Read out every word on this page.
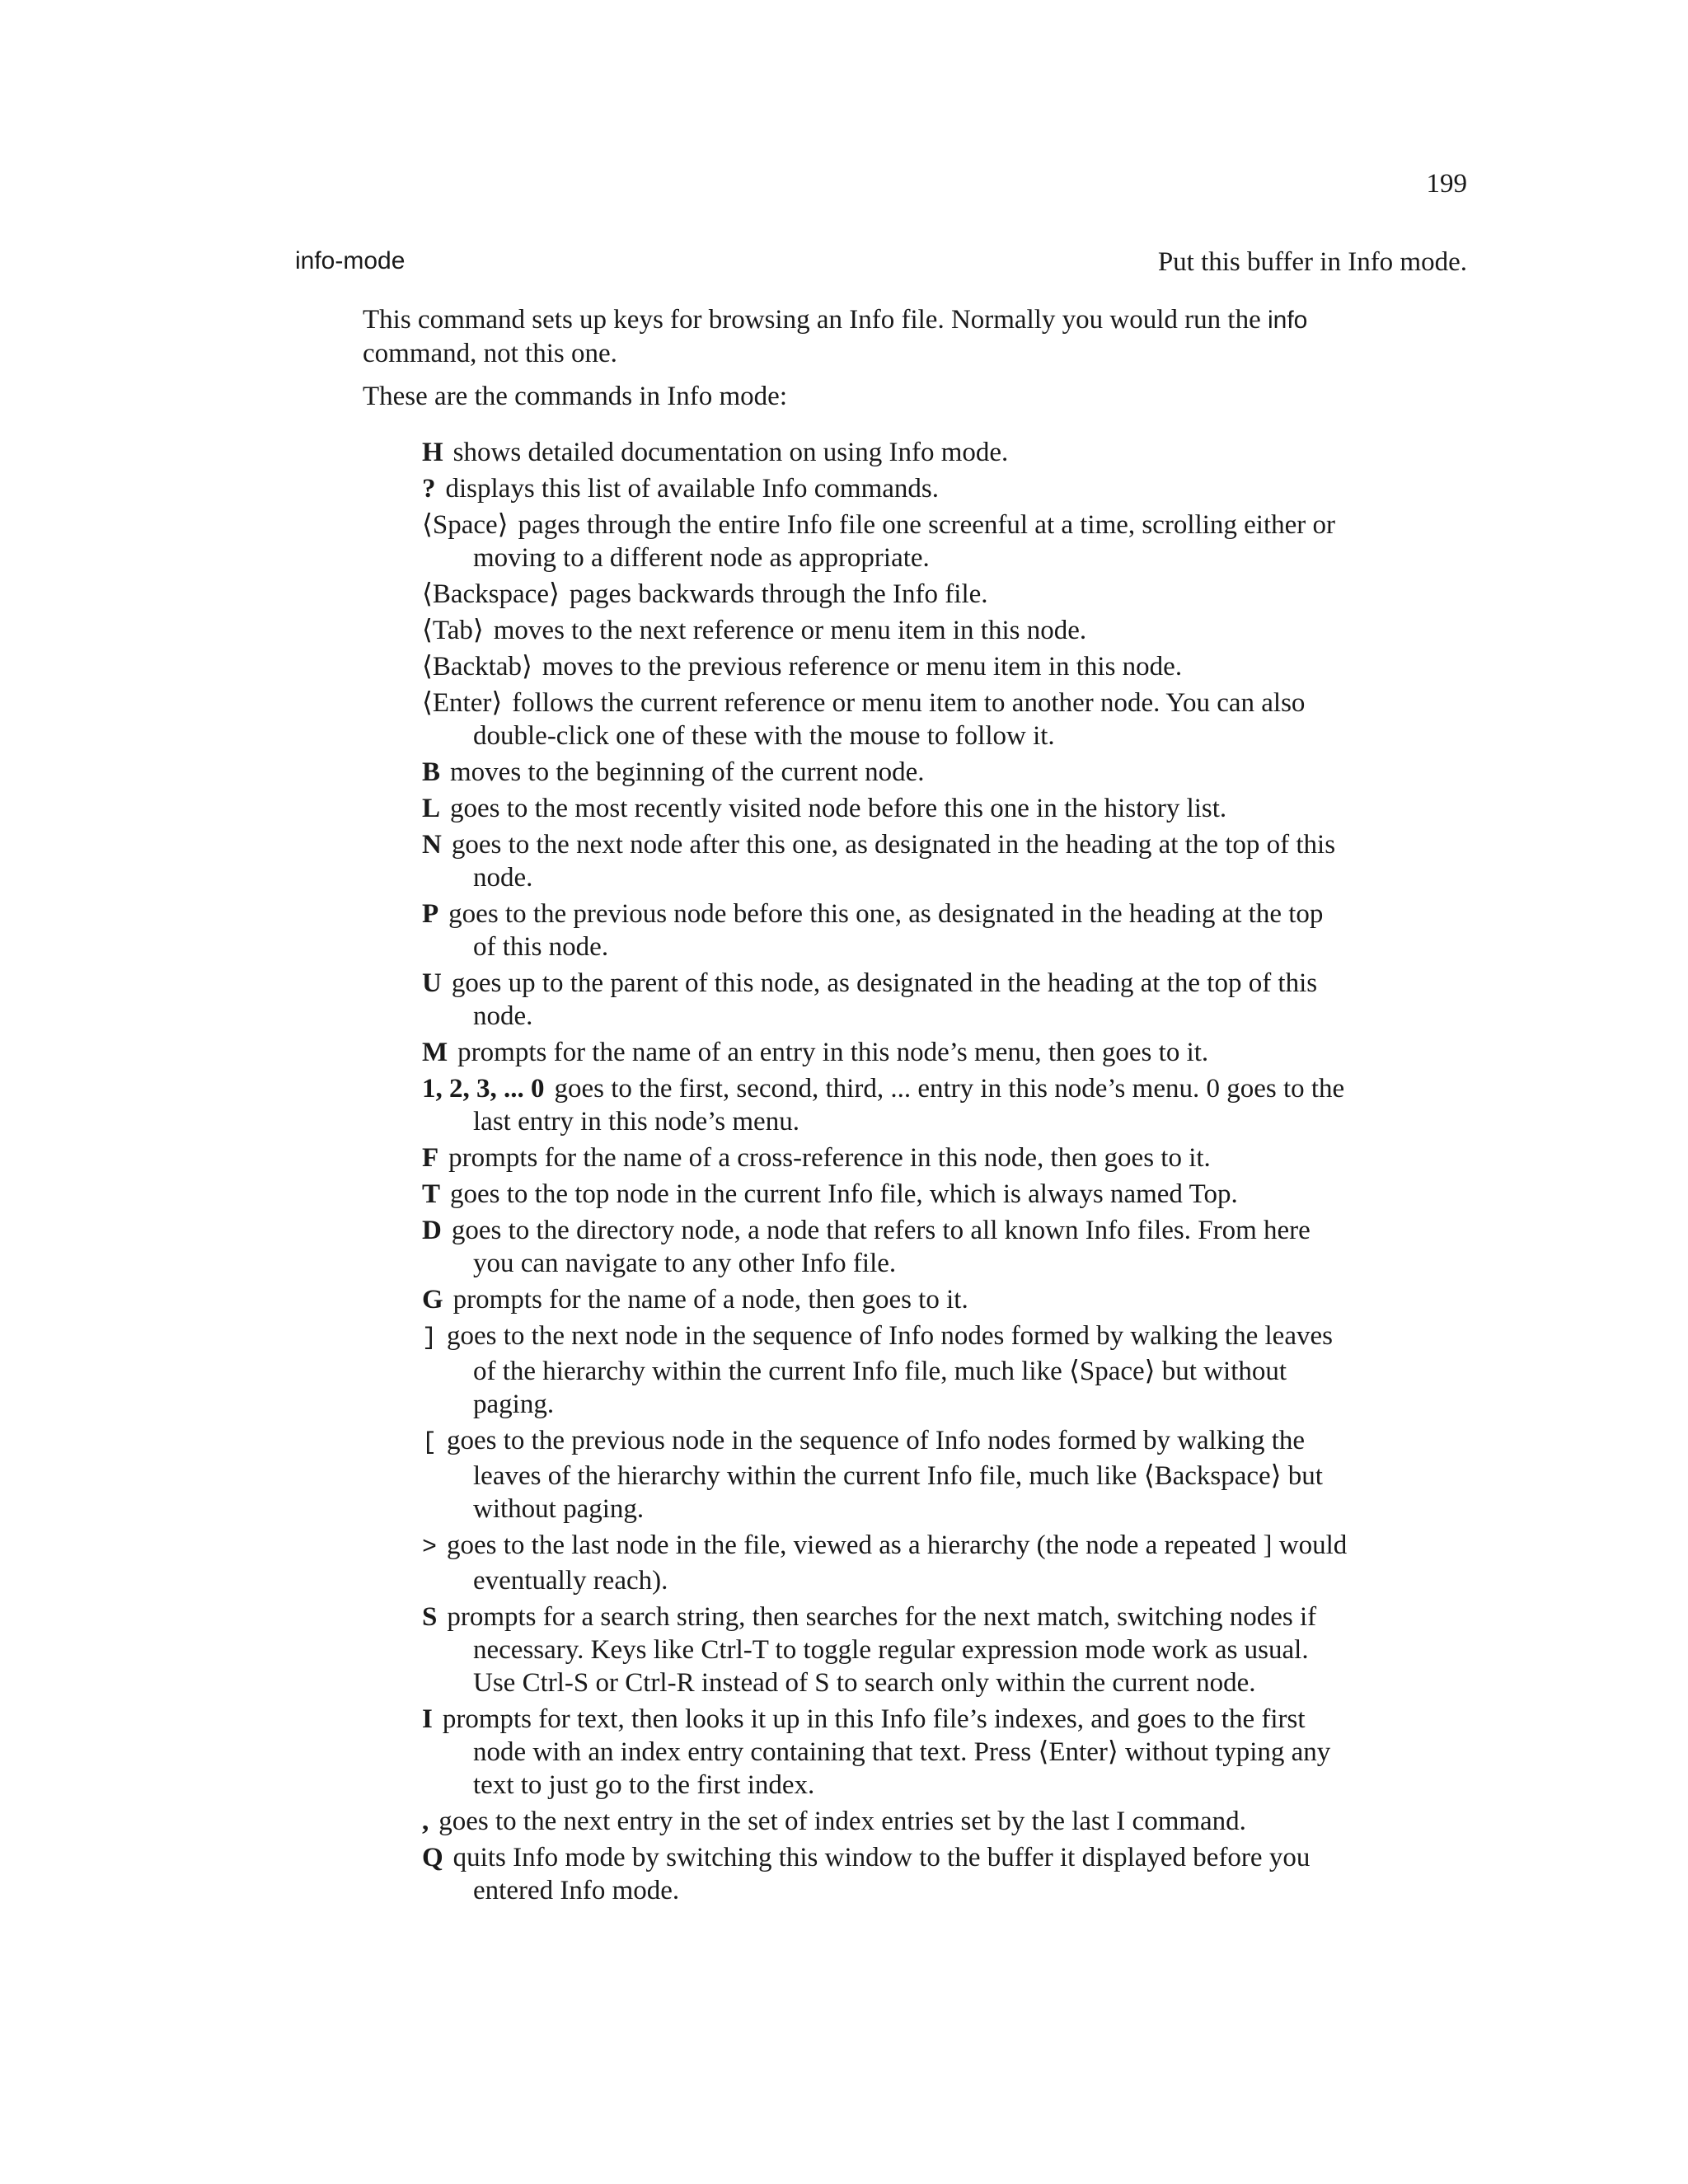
199
info-mode	Put this buffer in Info mode.

This command sets up keys for browsing an Info file. Normally you would run the info command, not this one.

These are the commands in Info mode:

H shows detailed documentation on using Info mode.
? displays this list of available Info commands.
⟨Space⟩ pages through the entire Info file one screenful at a time, scrolling either or moving to a different node as appropriate.
⟨Backspace⟩ pages backwards through the Info file.
⟨Tab⟩ moves to the next reference or menu item in this node.
⟨Backtab⟩ moves to the previous reference or menu item in this node.
⟨Enter⟩ follows the current reference or menu item to another node. You can also double-click one of these with the mouse to follow it.
B moves to the beginning of the current node.
L goes to the most recently visited node before this one in the history list.
N goes to the next node after this one, as designated in the heading at the top of this node.
P goes to the previous node before this one, as designated in the heading at the top of this node.
U goes up to the parent of this node, as designated in the heading at the top of this node.
M prompts for the name of an entry in this node’s menu, then goes to it.
1, 2, 3, ... 0 goes to the first, second, third, ... entry in this node’s menu. 0 goes to the last entry in this node’s menu.
F prompts for the name of a cross-reference in this node, then goes to it.
T goes to the top node in the current Info file, which is always named Top.
D goes to the directory node, a node that refers to all known Info files. From here you can navigate to any other Info file.
G prompts for the name of a node, then goes to it.
] goes to the next node in the sequence of Info nodes formed by walking the leaves of the hierarchy within the current Info file, much like ⟨Space⟩ but without paging.
[ goes to the previous node in the sequence of Info nodes formed by walking the leaves of the hierarchy within the current Info file, much like ⟨Backspace⟩ but without paging.
> goes to the last node in the file, viewed as a hierarchy (the node a repeated ] would eventually reach).
S prompts for a search string, then searches for the next match, switching nodes if necessary. Keys like Ctrl-T to toggle regular expression mode work as usual. Use Ctrl-S or Ctrl-R instead of S to search only within the current node.
I prompts for text, then looks it up in this Info file’s indexes, and goes to the first node with an index entry containing that text. Press ⟨Enter⟩ without typing any text to just go to the first index.
, goes to the next entry in the set of index entries set by the last I command.
Q quits Info mode by switching this window to the buffer it displayed before you entered Info mode.
